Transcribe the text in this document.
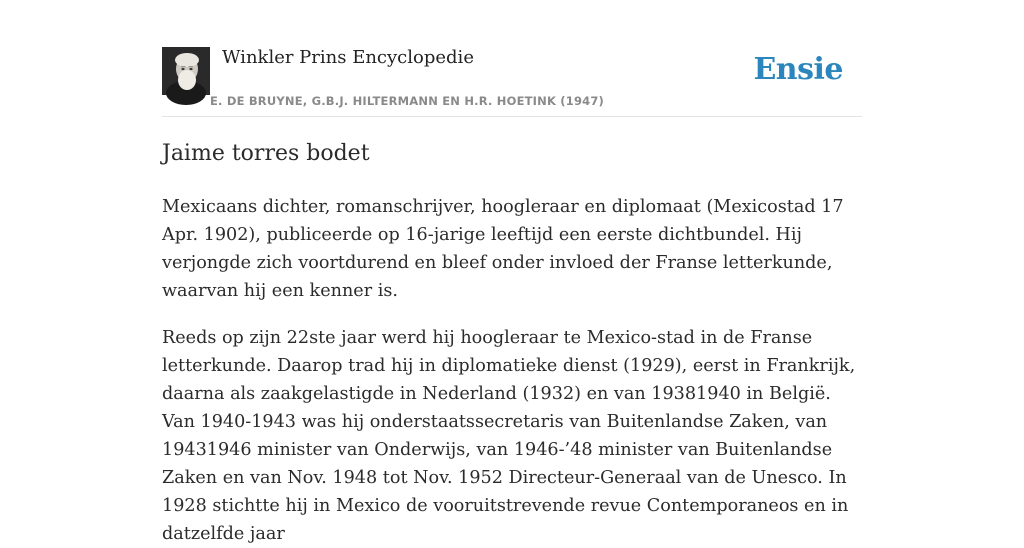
Winkler Prins Encyclopedie
E. DE BRUYNE, G.B.J. HILTERMANN EN H.R. HOETINK (1947)
Ensie
Jaime torres bodet

Mexicaans dichter, romanschrijver, hoogleraar en diplomaat (Mexicostad 17 Apr. 1902), publiceerde op 16-jarige leeftijd een eerste dichtbundel. Hij verjongde zich voortdurend en bleef onder invloed der Franse letterkunde, waarvan hij een kenner is.

Reeds op zijn 22ste jaar werd hij hoogleraar te Mexico-stad in de Franse letterkunde. Daarop trad hij in diplomatieke dienst (1929), eerst in Frankrijk, daarna als zaakgelastigde in Nederland (1932) en van 19381940 in België. Van 1940-1943 was hij onderstaatssecretaris van Buitenlandse Zaken, van 19431946 minister van Onderwijs, van 1946-’48 minister van Buitenlandse Zaken en van Nov. 1948 tot Nov. 1952 Directeur-Generaal van de Unesco. In 1928 stichtte hij in Mexico de vooruitstrevende revue Contemporaneos en in datzelfde jaar
